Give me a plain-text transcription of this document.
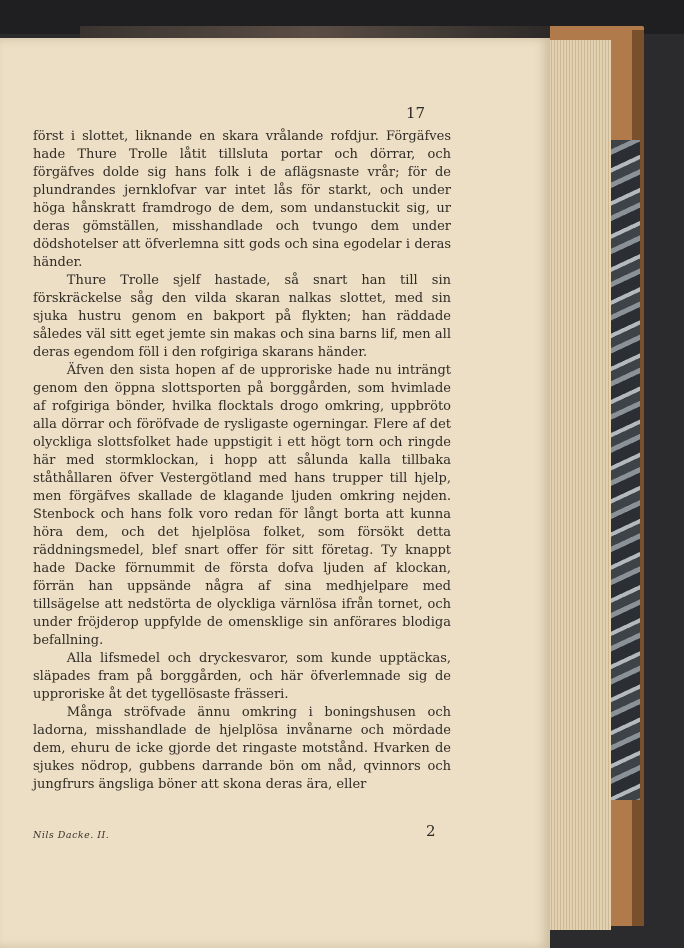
17

först i slottet, liknande en skara vrålande rofdjur. Förgäfves hade Thure Trolle låtit tillsluta portar och dörrar, och förgäfves dolde sig hans folk i de aflägsnaste vrår; för de plundrandes jernklofvar var intet lås för starkt, och under höga hånskratt framdrogo de dem, som undanstuckit sig, ur deras gömställen, misshandlade och tvungo dem under dödshotelser att öfverlemna sitt gods och sina egodelar i deras händer.

Thure Trolle sjelf hastade, så snart han till sin förskräckelse såg den vilda skaran nalkas slottet, med sin sjuka hustru genom en bakport på flykten; han räddade således väl sitt eget jemte sin makas och sina barns lif, men all deras egendom föll i den rofgiriga skarans händer.

Äfven den sista hopen af de upproriske hade nu inträngt genom den öppna slottsporten på borggården, som hvimlade af rofgiriga bönder, hvilka flocktals drogo omkring, uppbröto alla dörrar och föröfvade de rysligaste ogerningar. Flere af det olyckliga slottsfolket hade uppstigit i ett högt torn och ringde här med stormklockan, i hopp att sålunda kalla tillbaka ståthållaren öfver Vestergötland med hans trupper till hjelp, men förgäfves skallade de klagande ljuden omkring nejden. Stenbock och hans folk voro redan för långt borta att kunna höra dem, och det hjelplösa folket, som försökt detta räddningsmedel, blef snart offer för sitt företag. Ty knappt hade Dacke förnummit de första dofva ljuden af klockan, förrän han uppsände några af sina medhjelpare med tillsägelse att nedstörta de olyckliga värnlösa ifrån tornet, och under fröjderop uppfylde de omensklige sin anförares blodiga befallning.

Alla lifsmedel och dryckesvaror, som kunde upptäckas, släpades fram på borggården, och här öfverlemnade sig de upproriske åt det tygellösaste frässeri.

Många ströfvade ännu omkring i boningshusen och ladorna, misshandlade de hjelplösa invånarne och mördade dem, ehuru de icke gjorde det ringaste motstånd. Hvarken de sjukes nödrop, gubbens darrande bön om nåd, qvinnors och jungfrurs ängsliga böner att skona deras ära, eller

Nils Dacke. II.	2
